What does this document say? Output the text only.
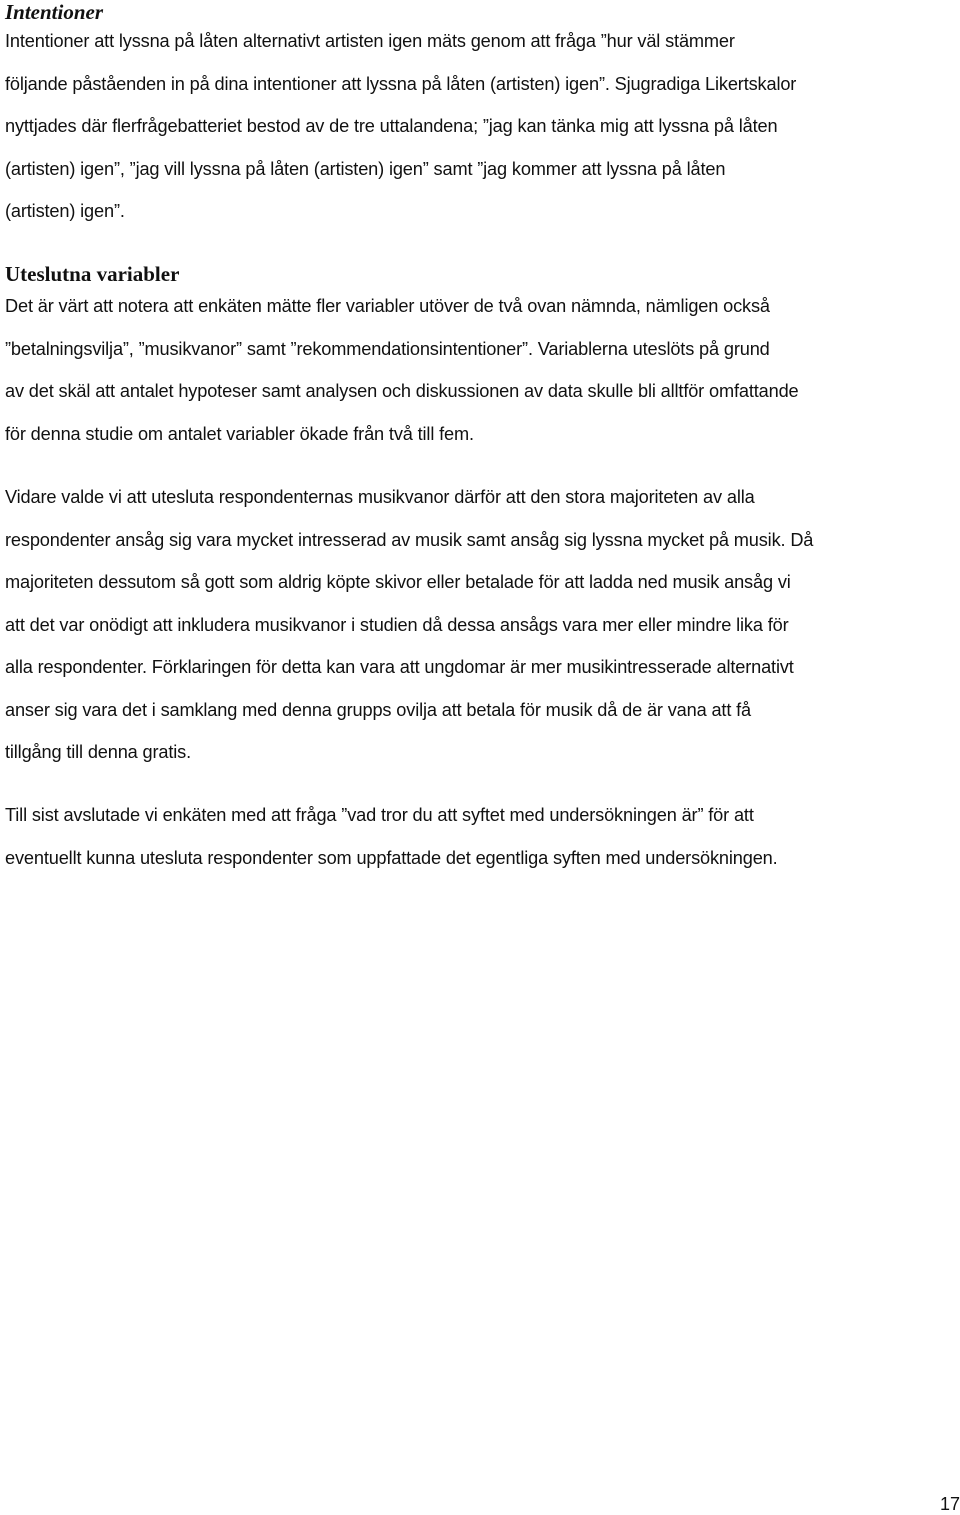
Intentioner

Intentioner att lyssna på låten alternativt artisten igen mäts genom att fråga ”hur väl stämmer
följande påståenden in på dina intentioner att lyssna på låten (artisten) igen”. Sjugradiga Likertskalor
nyttjades där flerfrågebatteriet bestod av de tre uttalandena; ”jag kan tänka mig att lyssna på låten
(artisten) igen”, ”jag vill lyssna på låten (artisten) igen” samt ”jag kommer att lyssna på låten
(artisten) igen”.

Uteslutna variabler

Det är värt att notera att enkäten mätte fler variabler utöver de två ovan nämnda, nämligen också
”betalningsvilja”, ”musikvanor” samt ”rekommendationsintentioner”. Variablerna uteslöts på grund
av det skäl att antalet hypoteser samt analysen och diskussionen av data skulle bli alltför omfattande
för denna studie om antalet variabler ökade från två till fem.

Vidare valde vi att utesluta respondenternas musikvanor därför att den stora majoriteten av alla
respondenter ansåg sig vara mycket intresserad av musik samt ansåg sig lyssna mycket på musik. Då
majoriteten dessutom så gott som aldrig köpte skivor eller betalade för att ladda ned musik ansåg vi
att det var onödigt att inkludera musikvanor i studien då dessa ansågs vara mer eller mindre lika för
alla respondenter. Förklaringen för detta kan vara att ungdomar är mer musikintresserade alternativt
anser sig vara det i samklang med denna grupps ovilja att betala för musik då de är vana att få
tillgång till denna gratis.

Till sist avslutade vi enkäten med att fråga ”vad tror du att syftet med undersökningen är” för att
eventuellt kunna utesluta respondenter som uppfattade det egentliga syften med undersökningen.

17
